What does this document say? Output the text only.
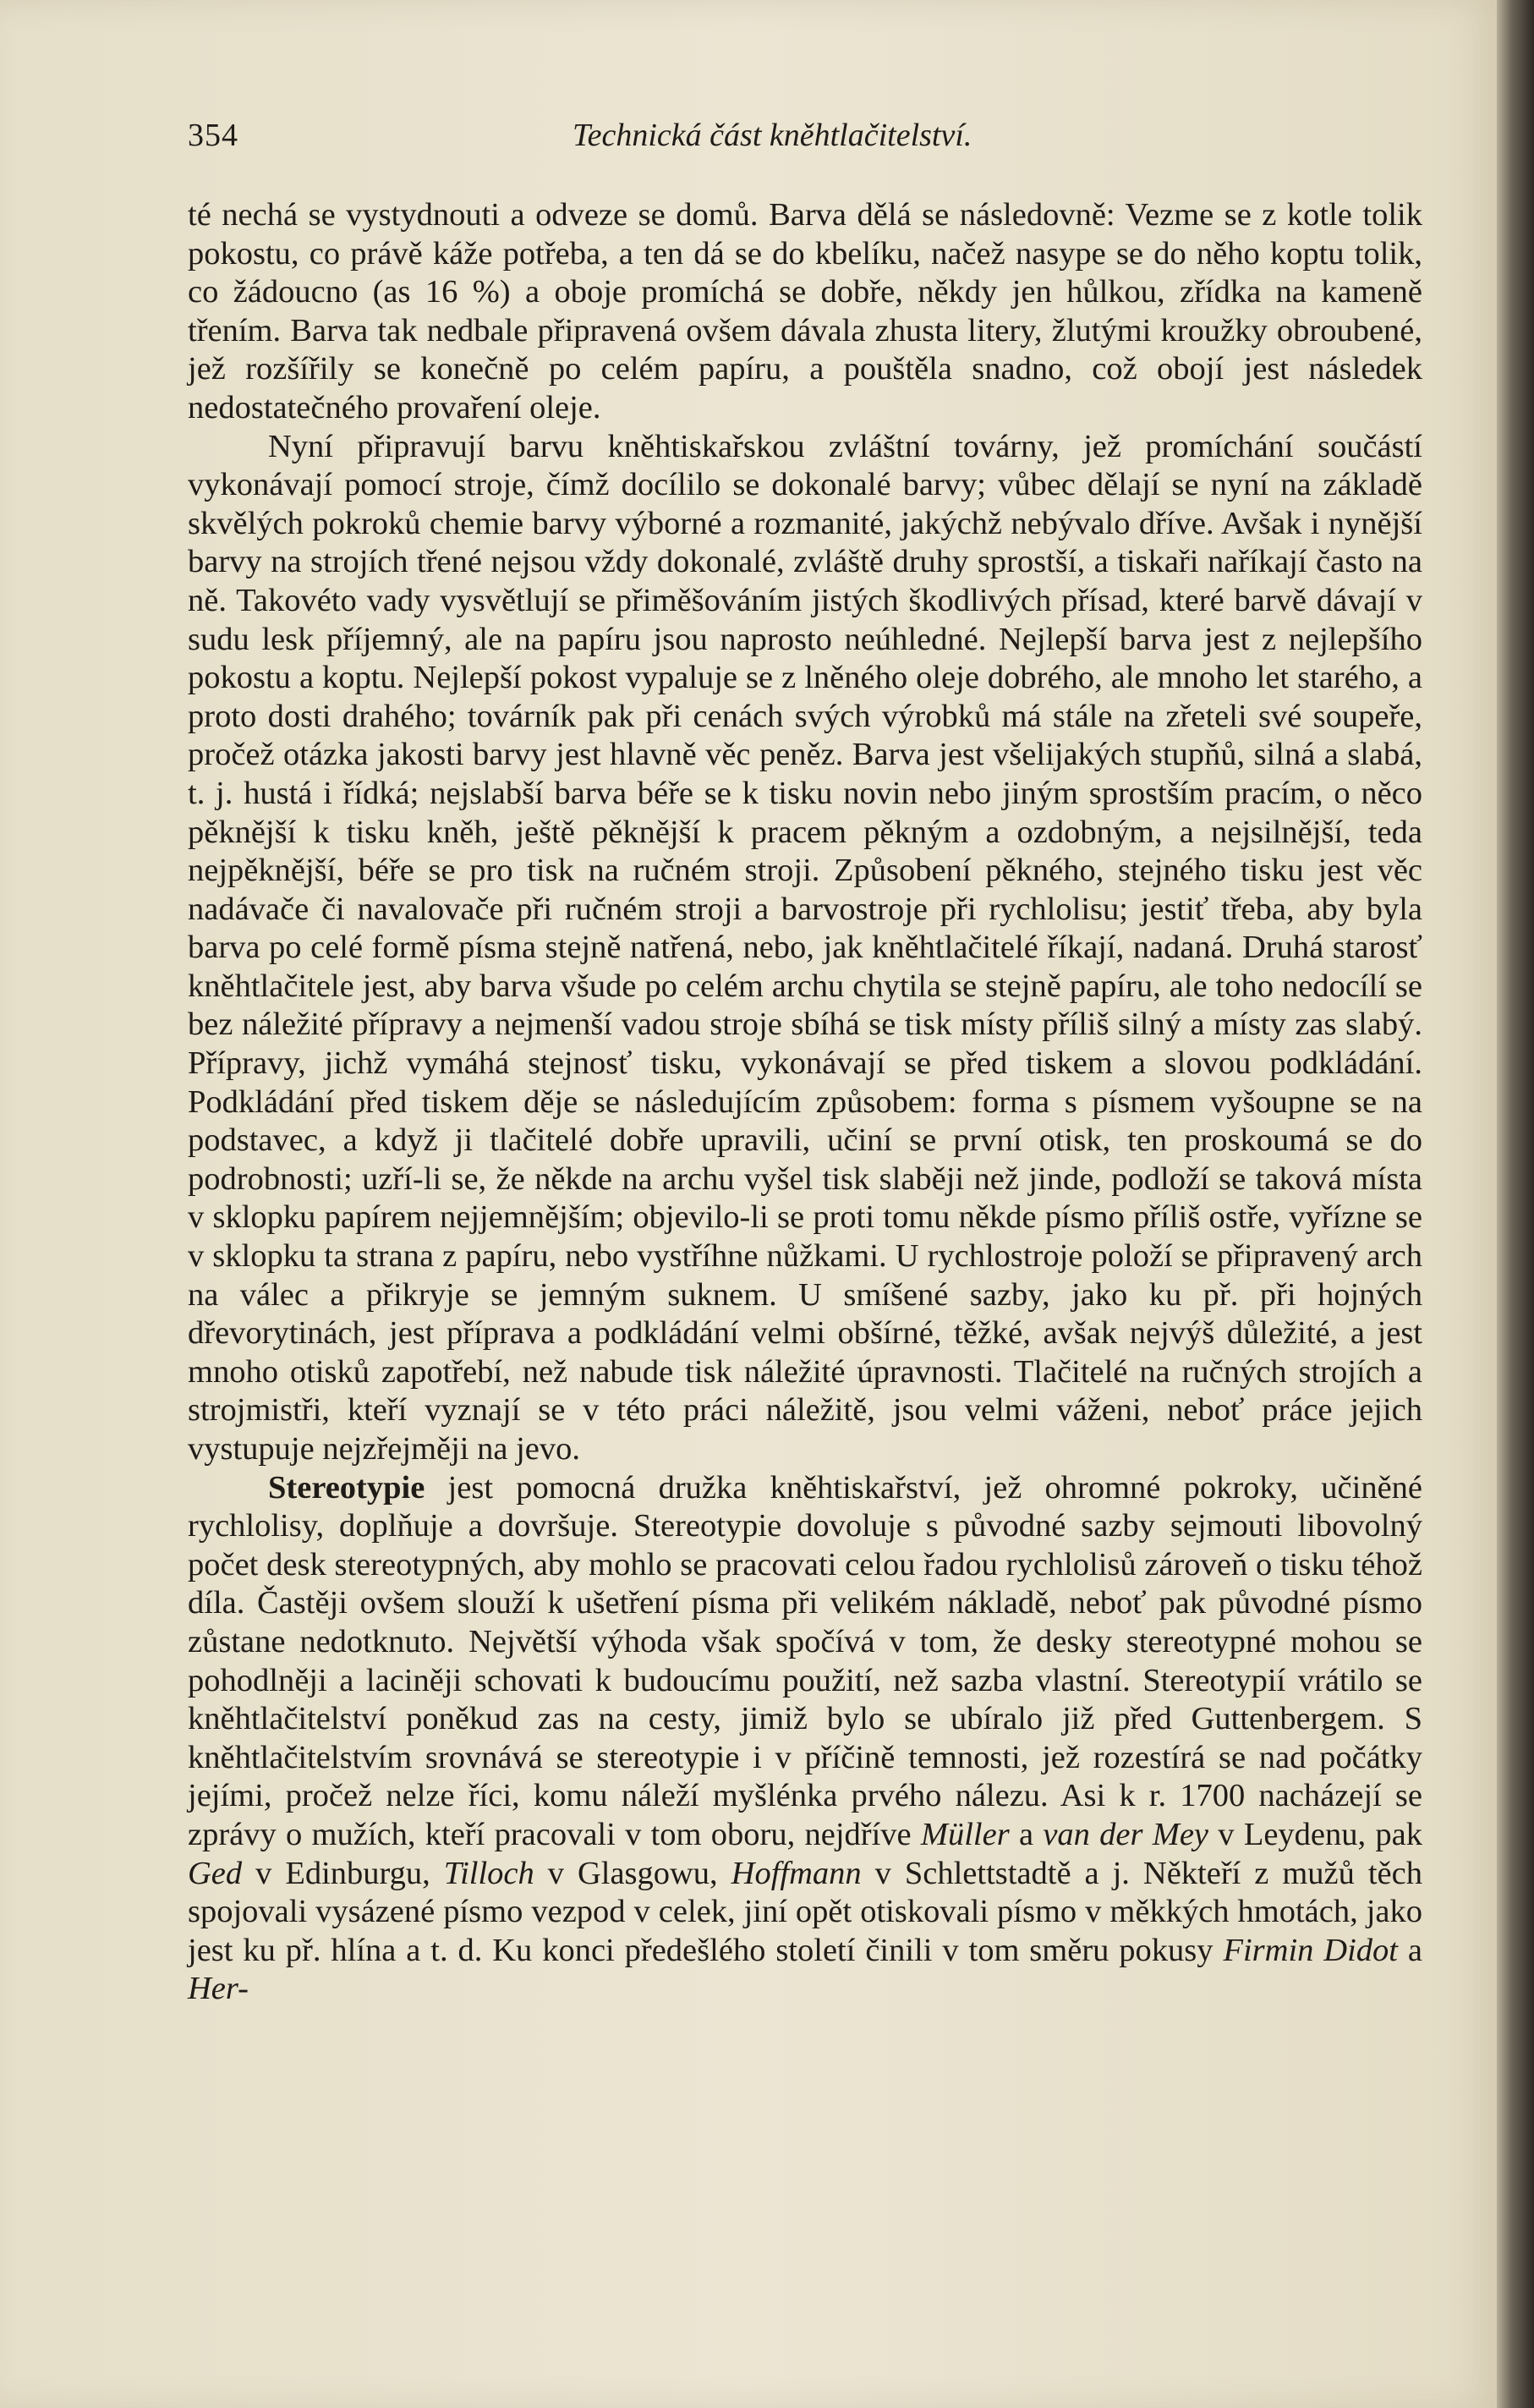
354	Technická část kněhtlačitelství.

té nechá se vystydnouti a odveze se domů. Barva dělá se následovně: Vezme se z kotle tolik pokostu, co právě káže potřeba, a ten dá se do kbelíku, načež nasype se do něho koptu tolik, co žádoucno (as 16 %) a oboje promíchá se dobře, někdy jen hůlkou, zřídka na kameně třením. Barva tak nedbale připravená ovšem dávala zhusta litery, žlutými kroužky obroubené, jež rozšířily se konečně po celém papíru, a pouštěla snadno, což obojí jest následek nedostatečného provaření oleje.

Nyní připravují barvu kněhtiskařskou zvláštní továrny, jež promíchání součástí vykonávají pomocí stroje, čímž docílilo se dokonalé barvy; vůbec dělají se nyní na základě skvělých pokroků chemie barvy výborné a rozmanité, jakýchž nebývalo dříve. Avšak i nynější barvy na strojích třené nejsou vždy dokonalé, zvláště druhy sprostší, a tiskaři naříkají často na ně. Takovéto vady vysvětlují se přiměšováním jistých škodlivých přísad, které barvě dávají v sudu lesk příjemný, ale na papíru jsou naprosto neúhledné. Nejlepší barva jest z nejlepšího pokostu a koptu. Nejlepší pokost vypaluje se z lněného oleje dobrého, ale mnoho let starého, a proto dosti drahého; továrník pak při cenách svých výrobků má stále na zřeteli své soupeře, pročež otázka jakosti barvy jest hlavně věc peněz. Barva jest všelijakých stupňů, silná a slabá, t. j. hustá i řídká; nejslabší barva béře se k tisku novin nebo jiným sprostším pracím, o něco pěknější k tisku kněh, ještě pěknější k pracem pěkným a ozdobným, a nejsilnější, teda nejpěknější, béře se pro tisk na ručném stroji. Způsobení pěkného, stejného tisku jest věc nadávače či navalovače při ručném stroji a barvostroje při rychlolisu; jestiť třeba, aby byla barva po celé formě písma stejně natřená, nebo, jak kněhtlačitelé říkají, nadaná. Druhá starosť kněhtlačitele jest, aby barva všude po celém archu chytila se stejně papíru, ale toho nedocílí se bez náležité přípravy a nejmenší vadou stroje sbíhá se tisk místy příliš silný a místy zas slabý. Přípravy, jichž vymáhá stejnosť tisku, vykonávají se před tiskem a slovou podkládání. Podkládání před tiskem děje se následujícím způsobem: forma s písmem vyšoupne se na podstavec, a když ji tlačitelé dobře upravili, učiní se první otisk, ten proskoumá se do podrobnosti; uzří-li se, že někde na archu vyšel tisk slaběji než jinde, podloží se taková místa v sklopku papírem nejjemnějším; objevilo-li se proti tomu někde písmo příliš ostře, vyřízne se v sklopku ta strana z papíru, nebo vystříhne nůžkami. U rychlostroje položí se připravený arch na válec a přikryje se jemným suknem. U smíšené sazby, jako ku př. při hojných dřevorytinách, jest příprava a podkládání velmi obšírné, těžké, avšak nejvýš důležité, a jest mnoho otisků zapotřebí, než nabude tisk náležité úpravnosti. Tlačitelé na ručných strojích a strojmistři, kteří vyznají se v této práci náležitě, jsou velmi váženi, neboť práce jejich vystupuje nejzřejměji na jevo.

Stereotypie jest pomocná družka kněhtiskařství, jež ohromné pokroky, učiněné rychlolisy, doplňuje a dovršuje. Stereotypie dovoluje s původné sazby sejmouti libovolný počet desk stereotypných, aby mohlo se pracovati celou řadou rychlolisů zároveň o tisku téhož díla. Častěji ovšem slouží k ušetření písma při velikém nákladě, neboť pak původné písmo zůstane nedotknuto. Největší výhoda však spočívá v tom, že desky stereotypné mohou se pohodlněji a laciněji schovati k budoucímu použití, než sazba vlastní. Stereotypií vrátilo se kněhtlačitelství poněkud zas na cesty, jimiž bylo se ubíralo již před Guttenbergem. S kněhtlačitelstvím srovnává se stereotypie i v příčině temnosti, jež rozestírá se nad počátky jejími, pročež nelze říci, komu náleží myšlénka prvého nálezu. Asi k r. 1700 nacházejí se zprávy o mužích, kteří pracovali v tom oboru, nejdříve Müller a van der Mey v Leydenu, pak Ged v Edinburgu, Tilloch v Glasgowu, Hoffmann v Schlettstadtě a j. Někteří z mužů těch spojovali vysázené písmo vezpod v celek, jiní opět otiskovali písmo v měkkých hmotách, jako jest ku př. hlína a t. d. Ku konci předešlého století činili v tom směru pokusy Firmin Didot a Her-
